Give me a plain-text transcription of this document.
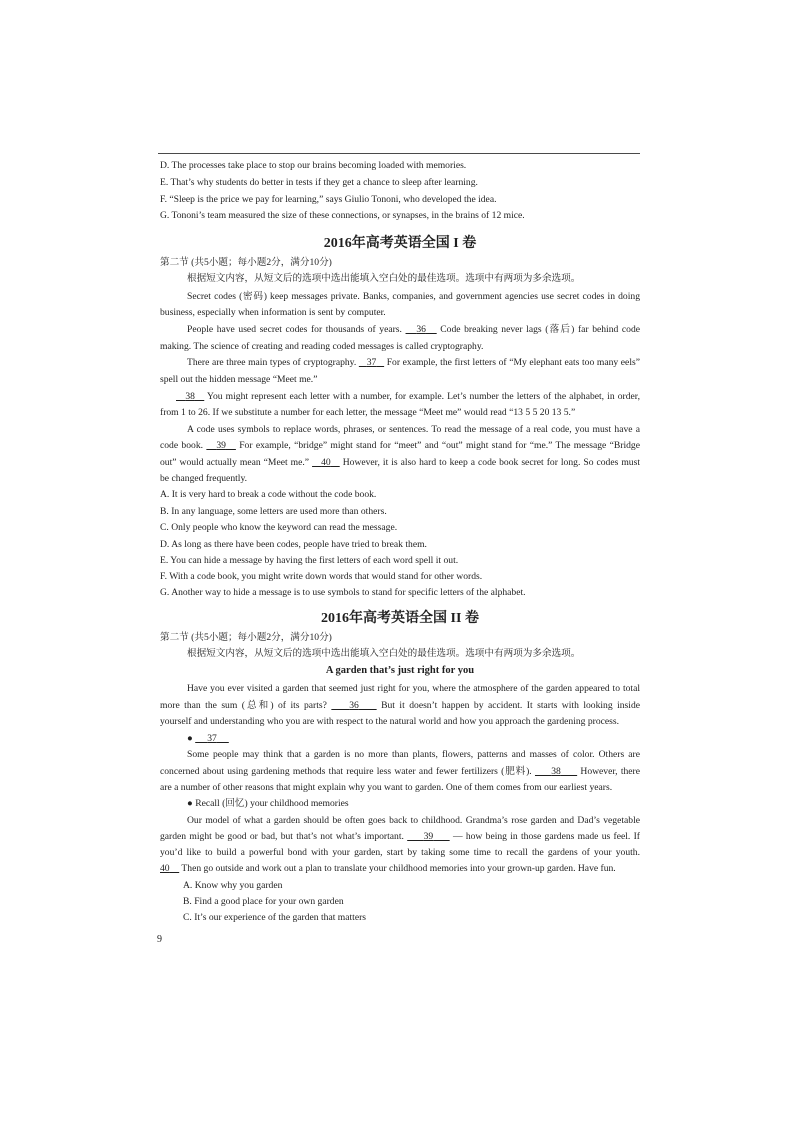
D. The processes take place to stop our brains becoming loaded with memories.
E. That’s why students do better in tests if they get a chance to sleep after learning.
F. “Sleep is the price we pay for learning,” says Giulio Tononi, who developed the idea.
G. Tononi’s team measured the size of these connections, or synapses, in the brains of 12 mice.
2016年高考英语全国 I 卷
第二节 (共5小题；每小题2分，满分10分)
根据短文内容，从短文后的选项中选出能填入空白处的最佳选项。选项中有两项为多余选项。
Secret codes (密码) keep messages private. Banks, companies, and government agencies use secret codes in doing
business, especially when information is sent by computer.
People have used secret codes for thousands of years. 36 Code breaking never lags (落后) far behind code
making. The science of creating and reading coded messages is called cryptography.
There are three main types of cryptography. 37 For example, the first letters of “My elephant eats too many eels”
spell out the hidden message “Meet me.”
38 You might represent each letter with a number, for example. Let’s number the letters of the alphabet, in order,
from 1 to 26. If we substitute a number for each letter, the message “Meet me” would read “13 5 5 20 13 5.”
A code uses symbols to replace words, phrases, or sentences. To read the message of a real code, you must have a
code book. 39 For example, “bridge” might stand for “meet” and “out” might stand for “me.” The message “Bridge
out” would actually mean “Meet me.” 40 However, it is also hard to keep a code book secret for long. So codes must
be changed frequently.
A. It is very hard to break a code without the code book.
B. In any language, some letters are used more than others.
C. Only people who know the keyword can read the message.
D. As long as there have been codes, people have tried to break them.
E. You can hide a message by having the first letters of each word spell it out.
F. With a code book, you might write down words that would stand for other words.
G. Another way to hide a message is to use symbols to stand for specific letters of the alphabet.
2016年高考英语全国 II 卷
第二节 (共5小题；每小题2分，满分10分)
根据短文内容，从短文后的选项中选出能填入空白处的最佳选项。选项中有两项为多余选项。
A garden that’s just right for you
Have you ever visited a garden that seemed just right for you, where the atmosphere of the garden appeared to total
more than the sum (总和) of its parts? 36 But it doesn’t happen by accident. It starts with looking inside
yourself and understanding who you are with respect to the natural world and how you approach the gardening process.
● 37
Some people may think that a garden is no more than plants, flowers, patterns and masses of color. Others are
concerned about using gardening methods that require less water and fewer fertilizers (肥料). 38 However, there
are a number of other reasons that might explain why you want to garden. One of them comes from our earliest years.
● Recall (回忆) your childhood memories
Our model of what a garden should be often goes back to childhood. Grandma’s rose garden and Dad’s vegetable
garden might be good or bad, but that’s not what’s important. 39 — how being in those gardens made us feel. If
you’d like to build a powerful bond with your garden, start by taking some time to recall the gardens of your youth.
40 Then go outside and work out a plan to translate your childhood memories into your grown-up garden. Have fun.
A. Know why you garden
B. Find a good place for your own garden
C. It’s our experience of the garden that matters
9
